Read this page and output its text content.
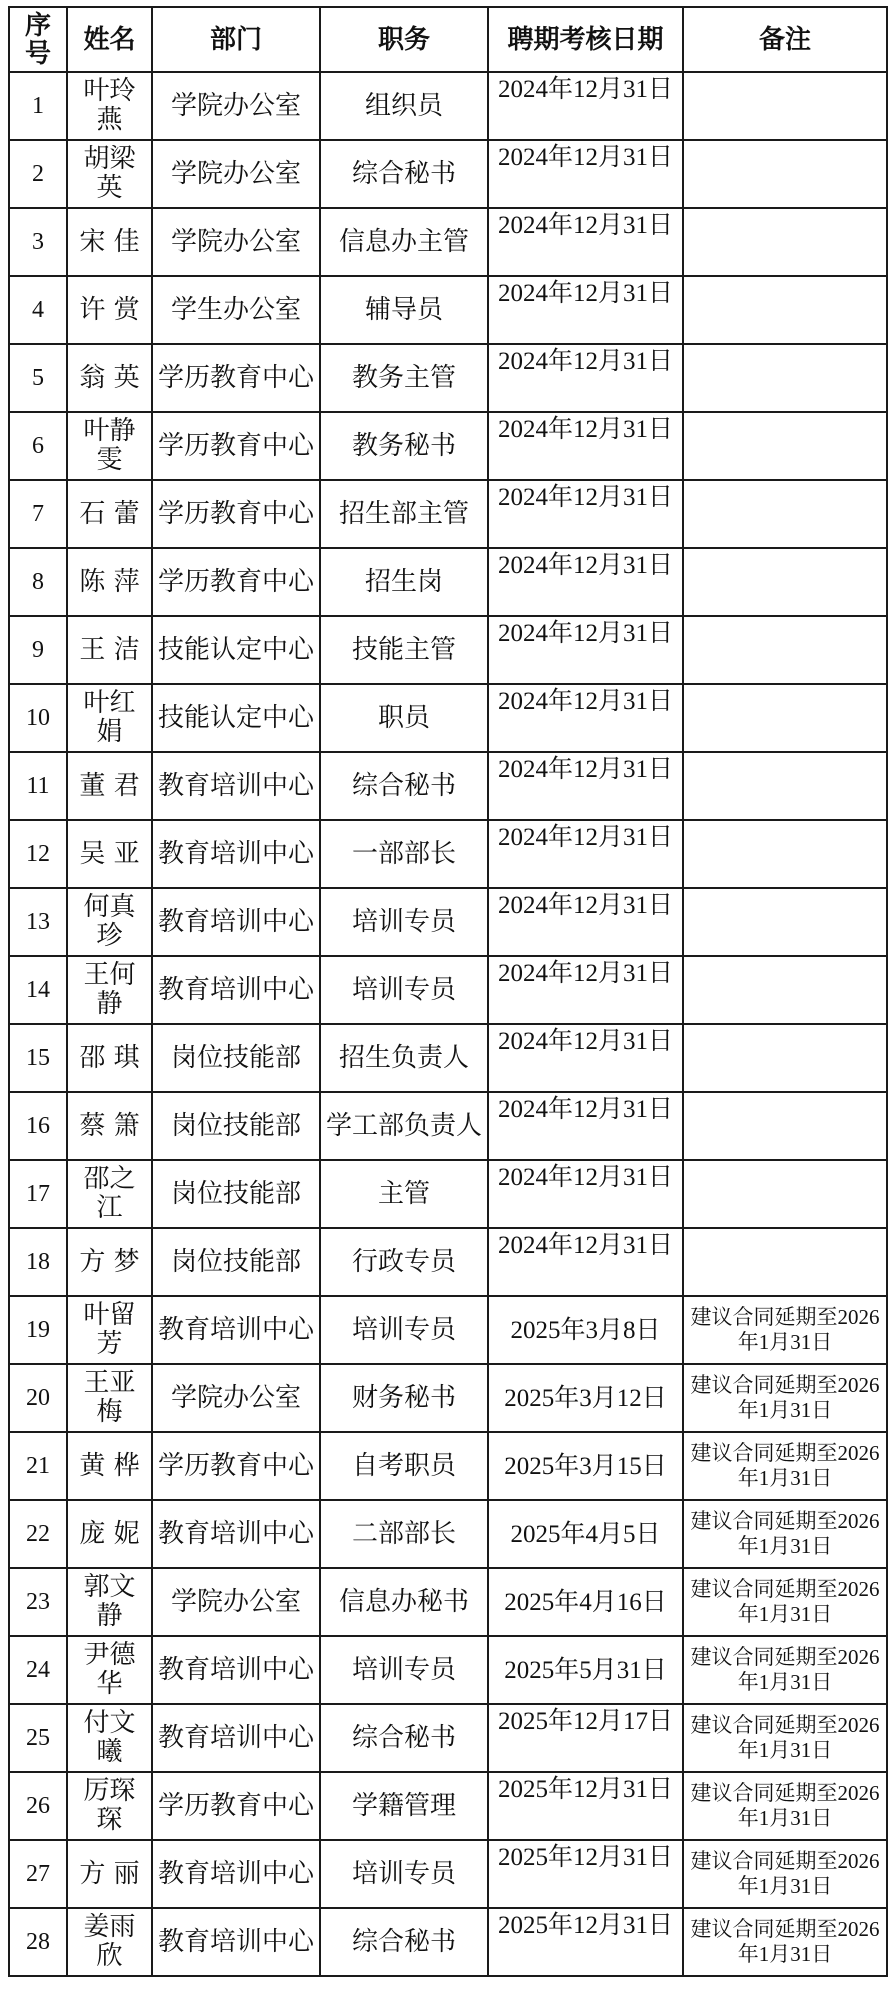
序号	姓名	部门	职务	聘期考核日期	备注
1	叶玲燕	学院办公室	组织员	2024年12月31日	
2	胡梁英	学院办公室	综合秘书	2024年12月31日	
3	宋 佳	学院办公室	信息办主管	2024年12月31日	
4	许 赏	学生办公室	辅导员	2024年12月31日	
5	翁 英	学历教育中心	教务主管	2024年12月31日	
6	叶静雯	学历教育中心	教务秘书	2024年12月31日	
7	石 蕾	学历教育中心	招生部主管	2024年12月31日	
8	陈 萍	学历教育中心	招生岗	2024年12月31日	
9	王 洁	技能认定中心	技能主管	2024年12月31日	
10	叶红娟	技能认定中心	职员	2024年12月31日	
11	董 君	教育培训中心	综合秘书	2024年12月31日	
12	吴 亚	教育培训中心	一部部长	2024年12月31日	
13	何真珍	教育培训中心	培训专员	2024年12月31日	
14	王何静	教育培训中心	培训专员	2024年12月31日	
15	邵 琪	岗位技能部	招生负责人	2024年12月31日	
16	蔡 箫	岗位技能部	学工部负责人	2024年12月31日	
17	邵之江	岗位技能部	主管	2024年12月31日	
18	方 梦	岗位技能部	行政专员	2024年12月31日	
19	叶留芳	教育培训中心	培训专员	2025年3月8日	建议合同延期至2026年1月31日
20	王亚梅	学院办公室	财务秘书	2025年3月12日	建议合同延期至2026年1月31日
21	黄 桦	学历教育中心	自考职员	2025年3月15日	建议合同延期至2026年1月31日
22	庞 妮	教育培训中心	二部部长	2025年4月5日	建议合同延期至2026年1月31日
23	郭文静	学院办公室	信息办秘书	2025年4月16日	建议合同延期至2026年1月31日
24	尹德华	教育培训中心	培训专员	2025年5月31日	建议合同延期至2026年1月31日
25	付文曦	教育培训中心	综合秘书	2025年12月17日	建议合同延期至2026年1月31日
26	厉琛琛	学历教育中心	学籍管理	2025年12月31日	建议合同延期至2026年1月31日
27	方 丽	教育培训中心	培训专员	2025年12月31日	建议合同延期至2026年1月31日
28	姜雨欣	教育培训中心	综合秘书	2025年12月31日	建议合同延期至2026年1月31日
